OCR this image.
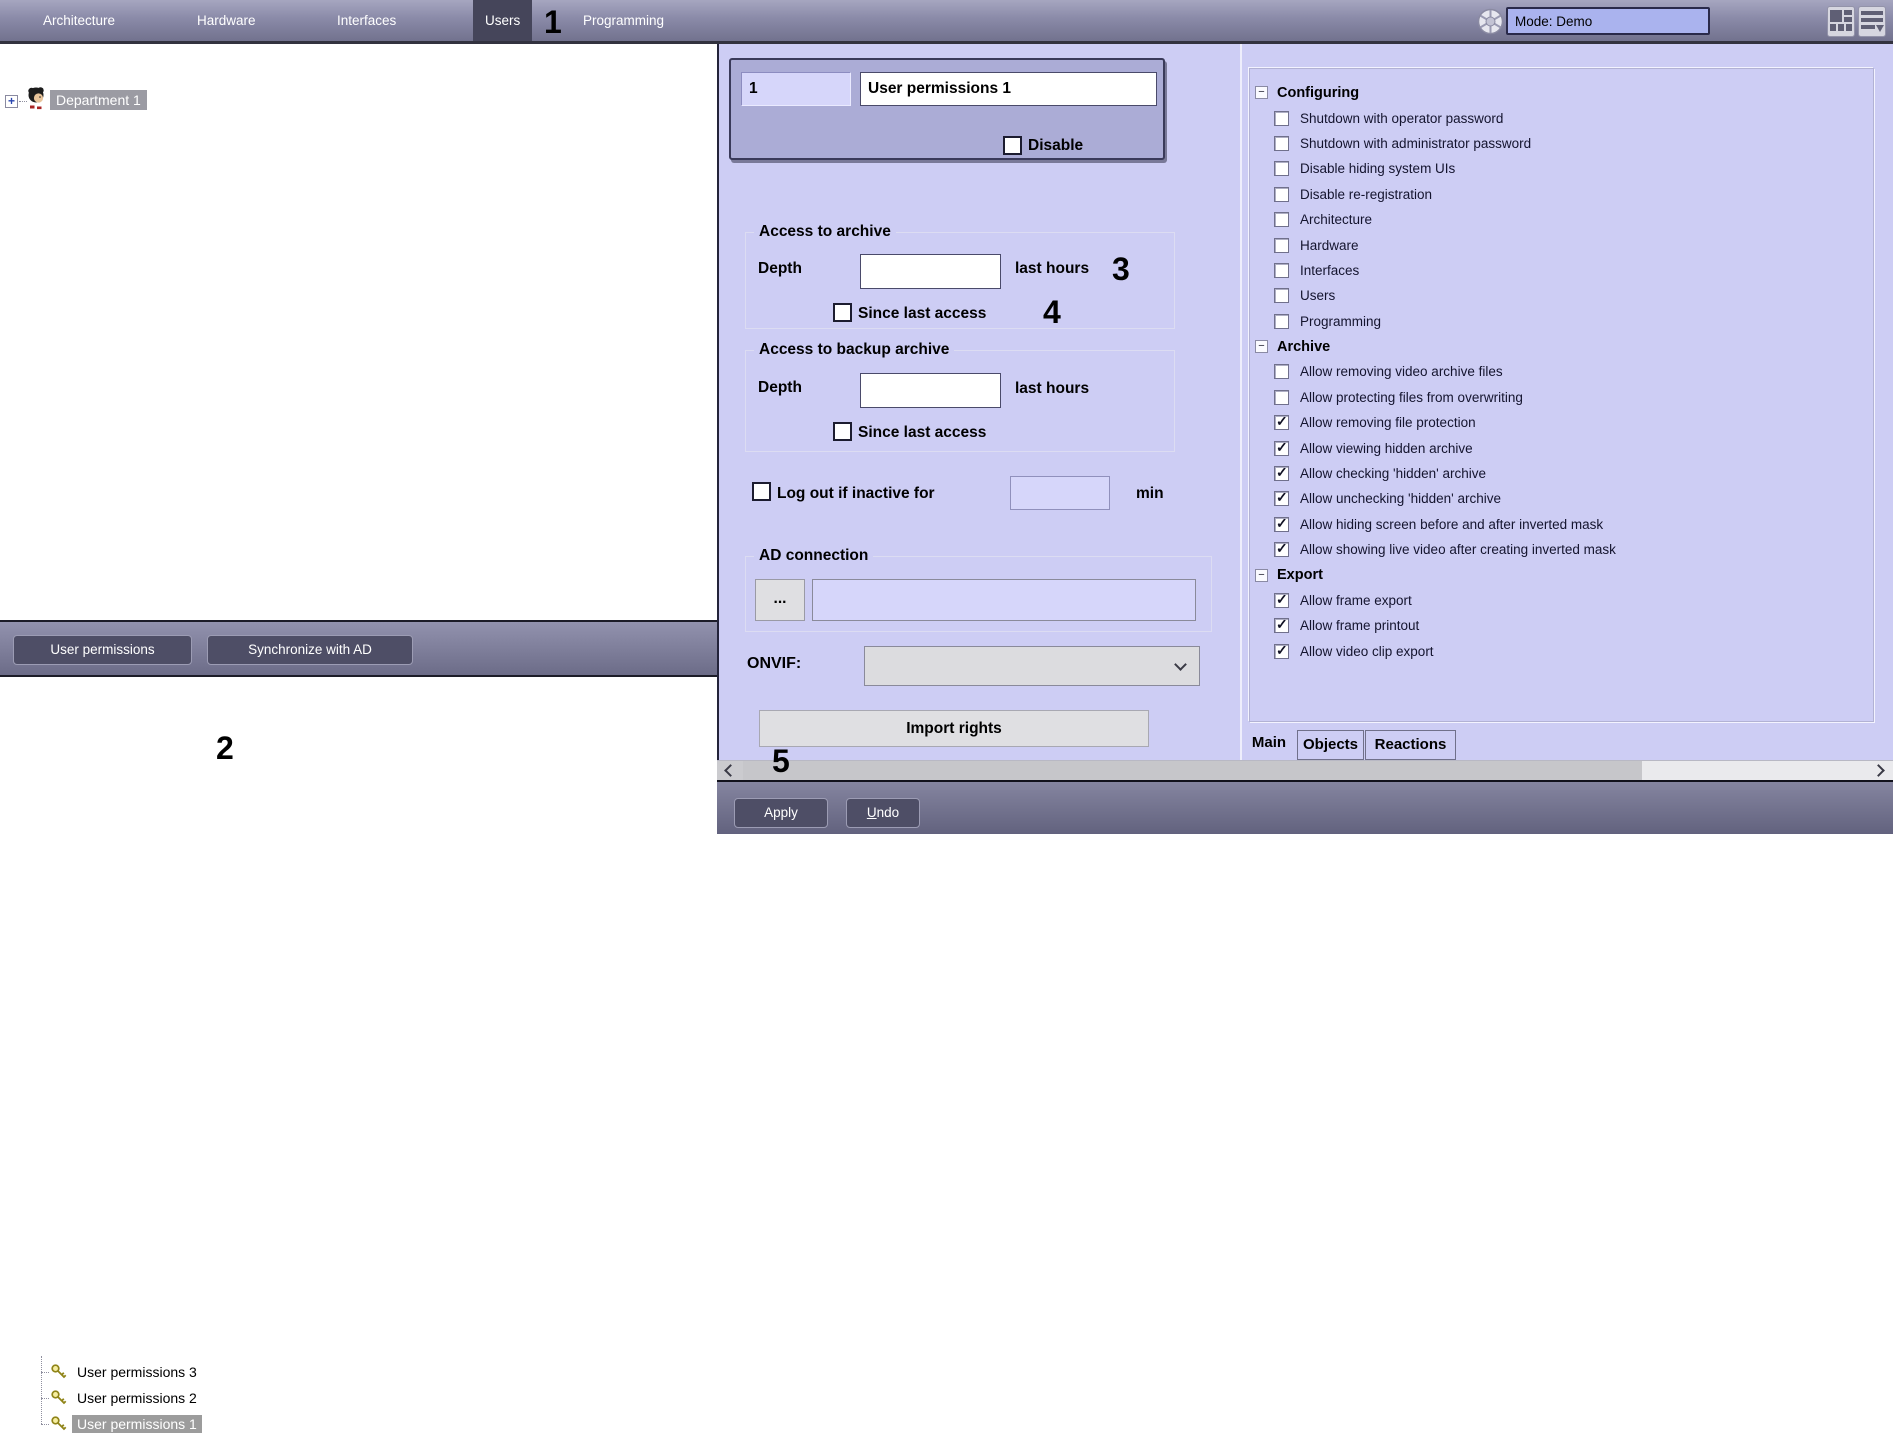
Architecture	Hardware	Interfaces	Users	Programming
Mode: Demo
+	Department 1
User permissions	Synchronize with AD
User permissions 3
User permissions 2
User permissions 1
1
User permissions 1
Disable
Access to archive
Depth	last hours
Since last access
Access to backup archive
Depth	last hours
Since last access
Log out if inactive for	min
AD connection
...
ONVIF:
Import rights
− Configuring
Shutdown with operator password
Shutdown with administrator password
Disable hiding system UIs
Disable re-registration
Architecture
Hardware
Interfaces
Users
Programming
− Archive
Allow removing video archive files
Allow protecting files from overwriting
✓ Allow removing file protection
✓ Allow viewing hidden archive
✓ Allow checking 'hidden' archive
✓ Allow unchecking 'hidden' archive
✓ Allow hiding screen before and after inverted mask
✓ Allow showing live video after creating inverted mask
− Export
✓ Allow frame export
✓ Allow frame printout
✓ Allow video clip export
Main	Objects	Reactions
Apply	Undo
1
2
3
4
5
